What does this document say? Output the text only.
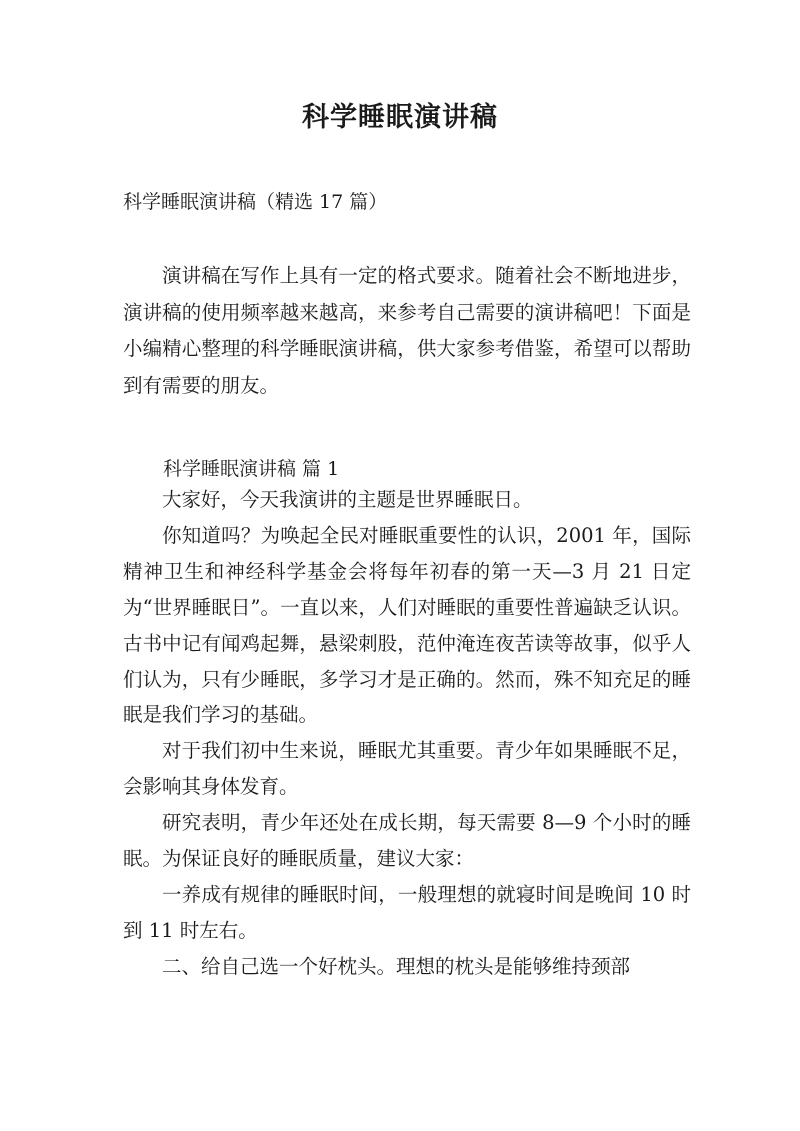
科学睡眠演讲稿
科学睡眠演讲稿（精选 17 篇）

演讲稿在写作上具有一定的格式要求。随着社会不断地进步，演讲稿的使用频率越来越高，来参考自己需要的演讲稿吧！下面是小编精心整理的科学睡眠演讲稿，供大家参考借鉴，希望可以帮助到有需要的朋友。

科学睡眠演讲稿 篇 1

大家好，今天我演讲的主题是世界睡眠日。

你知道吗？为唤起全民对睡眠重要性的认识，2001 年，国际精神卫生和神经科学基金会将每年初春的第一天—3 月 21 日定为“世界睡眠日”。一直以来，人们对睡眠的重要性普遍缺乏认识。古书中记有闻鸡起舞，悬梁刺股，范仲淹连夜苦读等故事，似乎人们认为，只有少睡眠，多学习才是正确的。然而，殊不知充足的睡眠是我们学习的基础。

对于我们初中生来说，睡眠尤其重要。青少年如果睡眠不足，会影响其身体发育。

研究表明，青少年还处在成长期，每天需要 8—9 个小时的睡眠。为保证良好的睡眠质量，建议大家：

一养成有规律的睡眠时间，一般理想的就寝时间是晚间 10 时到 11 时左右。

二、给自己选一个好枕头。理想的枕头是能够维持颈部
